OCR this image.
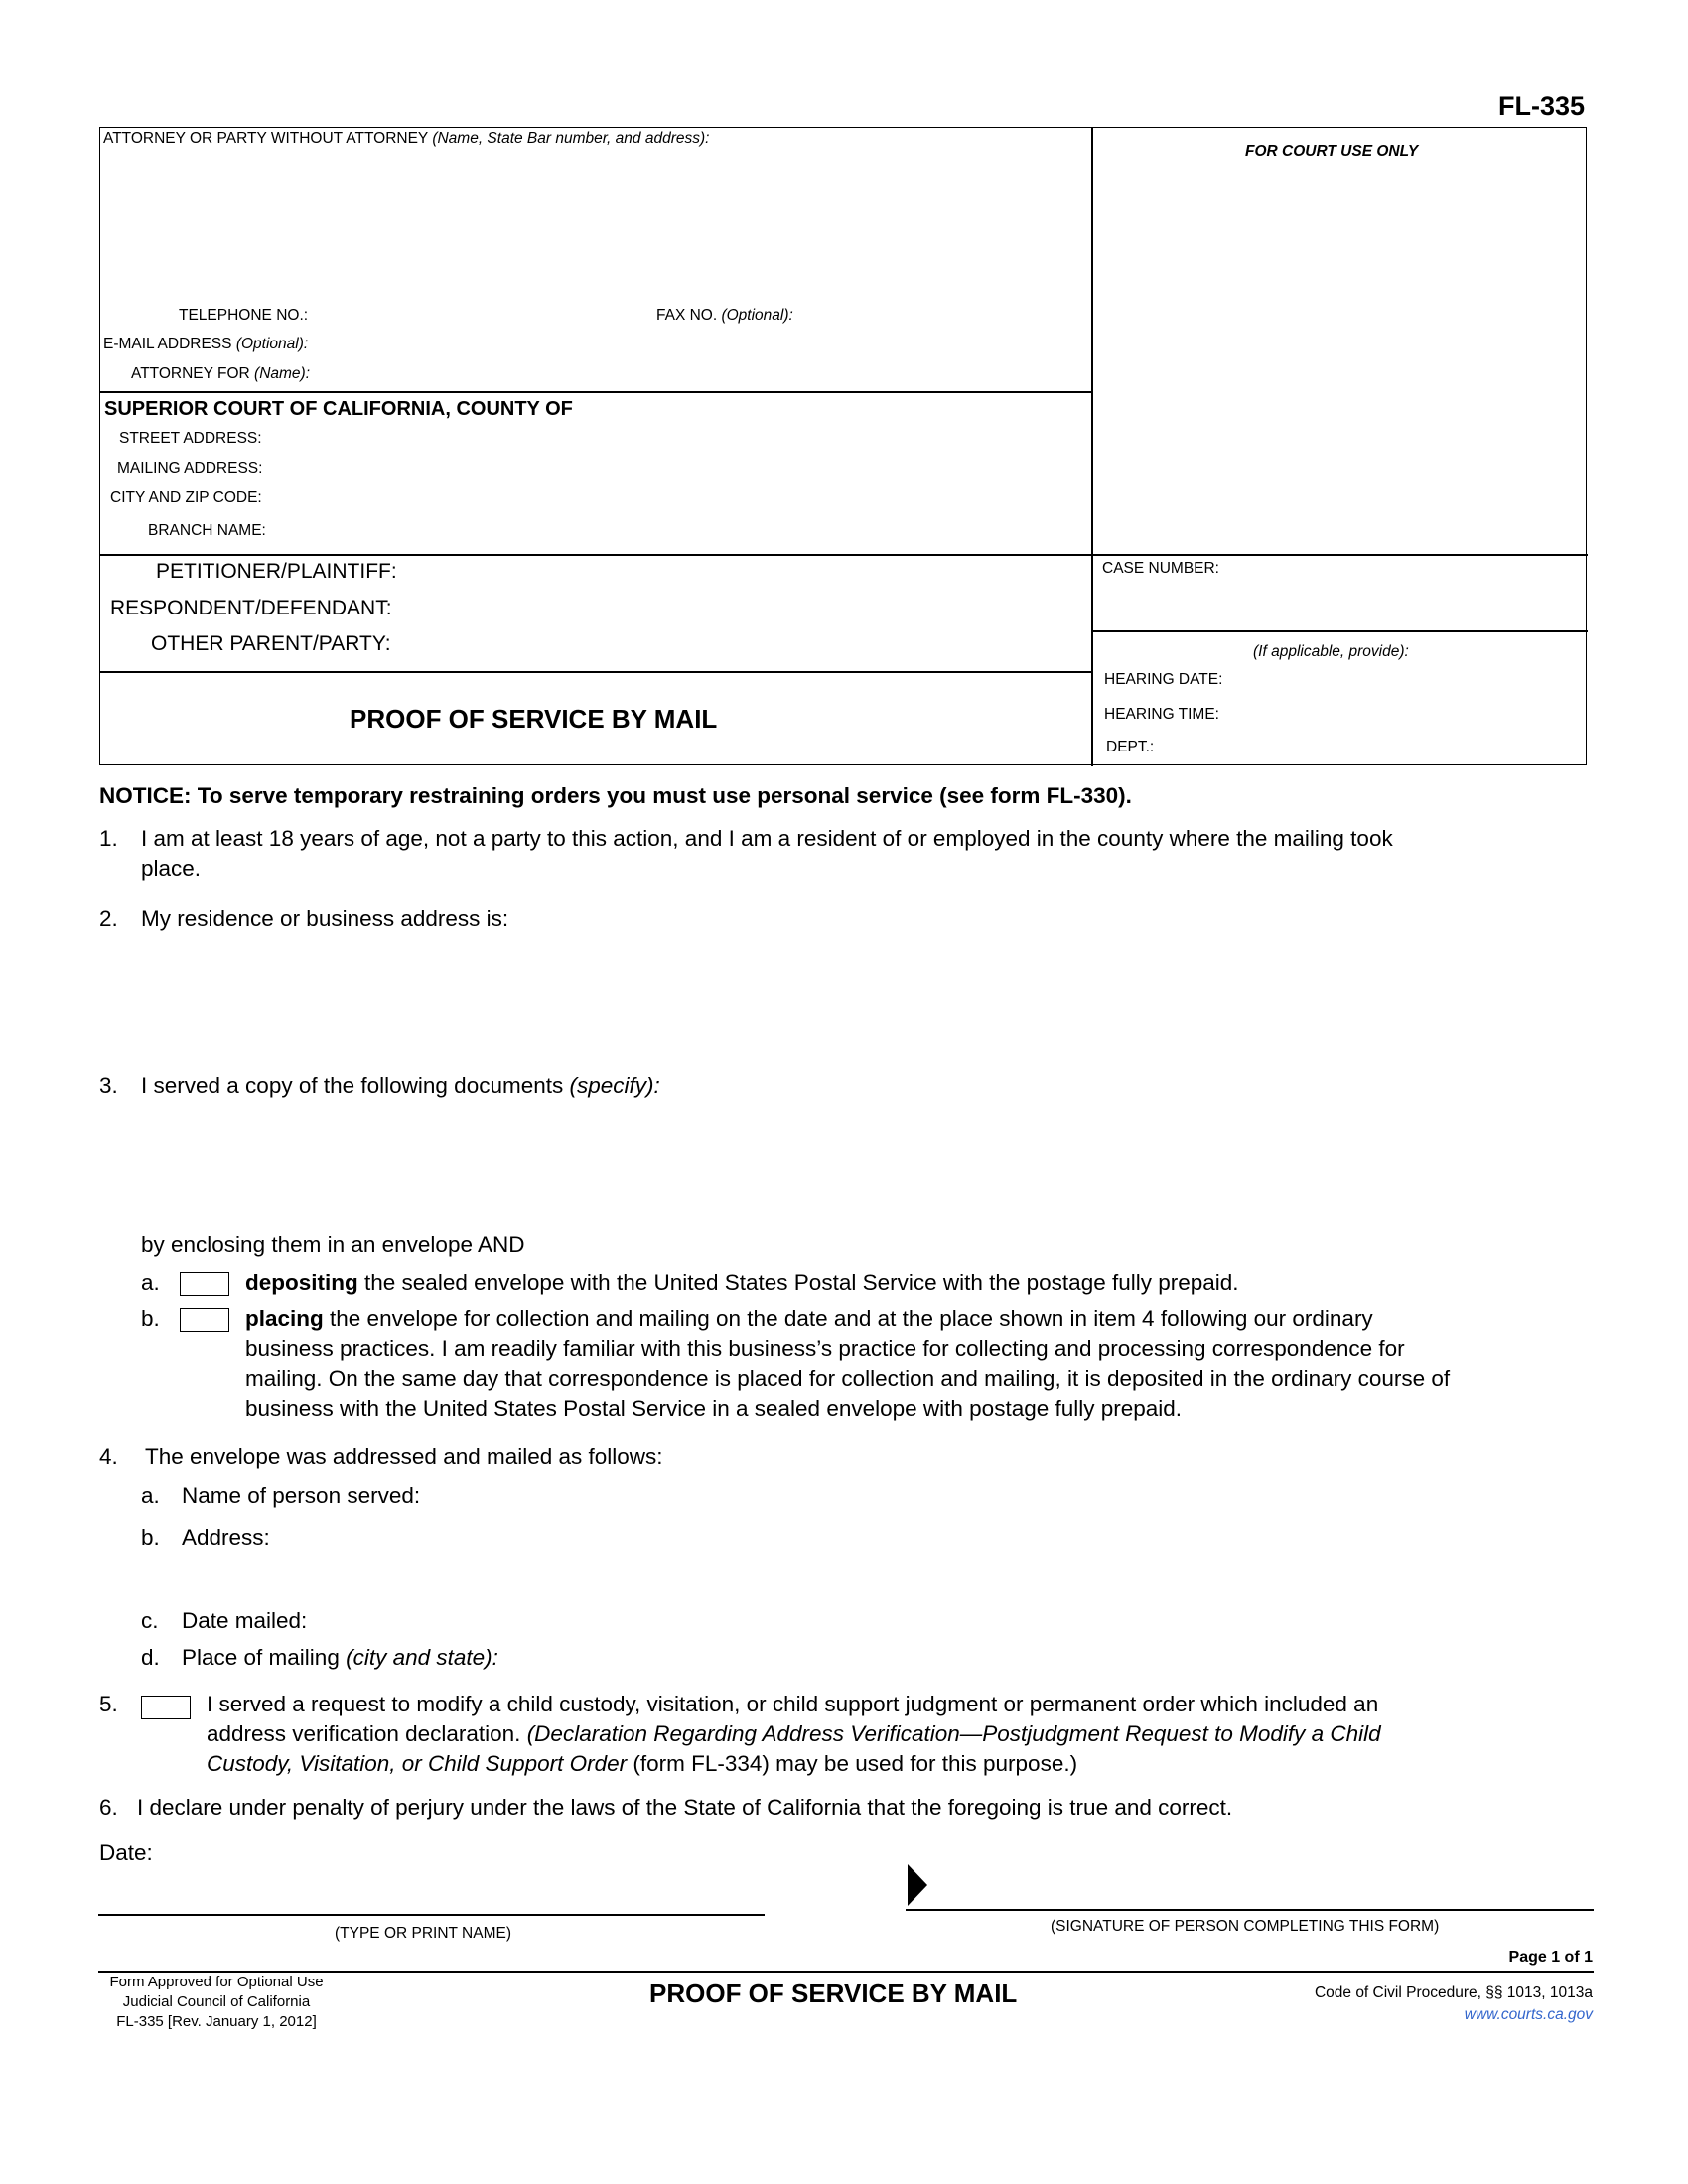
FL-335
ATTORNEY OR PARTY WITHOUT ATTORNEY (Name, State Bar number, and address):
TELEPHONE NO.:	FAX NO. (Optional):
E-MAIL ADDRESS (Optional):
ATTORNEY FOR (Name):
FOR COURT USE ONLY
SUPERIOR COURT OF CALIFORNIA, COUNTY OF
STREET ADDRESS:
MAILING ADDRESS:
CITY AND ZIP CODE:
BRANCH NAME:
PETITIONER/PLAINTIFF:
RESPONDENT/DEFENDANT:
OTHER PARENT/PARTY:
CASE NUMBER:
(If applicable, provide):
HEARING DATE:
HEARING TIME:
DEPT.:
PROOF OF SERVICE BY MAIL
NOTICE: To serve temporary restraining orders you must use personal service (see form FL-330).
1. I am at least 18 years of age, not a party to this action, and I am a resident of or employed in the county where the mailing took
place.
2. My residence or business address is:
3. I served a copy of the following documents (specify):
by enclosing them in an envelope AND
a.	depositing the sealed envelope with the United States Postal Service with the postage fully prepaid.
b.	placing the envelope for collection and mailing on the date and at the place shown in item 4 following our ordinary
business practices. I am readily familiar with this business’s practice for collecting and processing correspondence for
mailing. On the same day that correspondence is placed for collection and mailing, it is deposited in the ordinary course of
business with the United States Postal Service in a sealed envelope with postage fully prepaid.
4. The envelope was addressed and mailed as follows:
a. Name of person served:
b. Address:
c. Date mailed:
d. Place of mailing (city and state):
5.	I served a request to modify a child custody, visitation, or child support judgment or permanent order which included an
address verification declaration. (Declaration Regarding Address Verification—Postjudgment Request to Modify a Child
Custody, Visitation, or Child Support Order (form FL-334) may be used for this purpose.)
6. I declare under penalty of perjury under the laws of the State of California that the foregoing is true and correct.
Date:
(TYPE OR PRINT NAME)	(SIGNATURE OF PERSON COMPLETING THIS FORM)
Page 1 of 1
Form Approved for Optional Use
Judicial Council of California
FL-335 [Rev. January 1, 2012]
PROOF OF SERVICE BY MAIL	Code of Civil Procedure, §§ 1013, 1013a
www.courts.ca.gov
